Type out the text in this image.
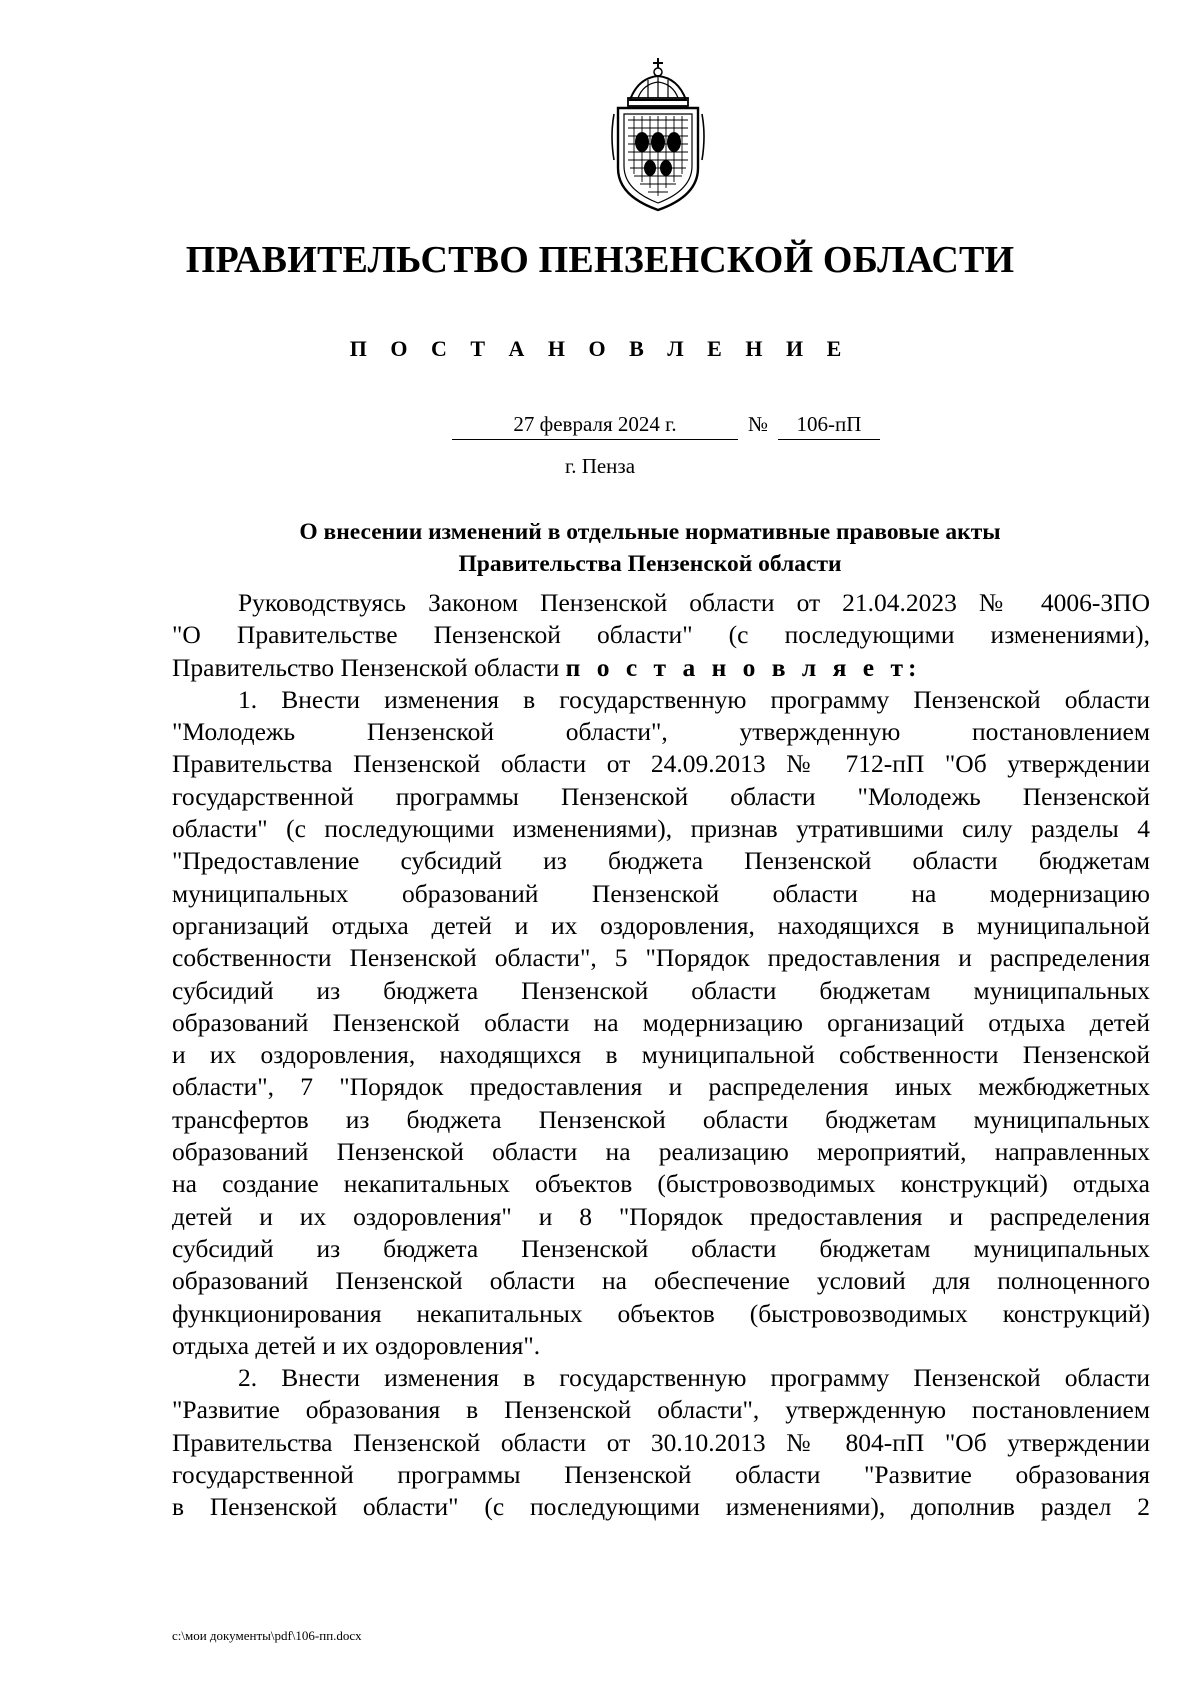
ПРАВИТЕЛЬСТВО ПЕНЗЕНСКОЙ ОБЛАСТИ
П О С Т А Н О В Л Е Н И Е
27 февраля 2024 г.	№	106-пП
г. Пенза
О внесении изменений в отдельные нормативные правовые акты
Правительства Пензенской области
Руководствуясь Законом Пензенской области от 21.04.2023 № 4006-ЗПО
"О Правительстве Пензенской области" (с последующими изменениями),
Правительство Пензенской области п о с т а н о в л я е т:
1. Внести изменения в государственную программу Пензенской области
"Молодежь Пензенской области", утвержденную постановлением
Правительства Пензенской области от 24.09.2013 № 712-пП "Об утверждении
государственной программы Пензенской области "Молодежь Пензенской
области" (с последующими изменениями), признав утратившими силу разделы 4
"Предоставление субсидий из бюджета Пензенской области бюджетам
муниципальных образований Пензенской области на модернизацию
организаций отдыха детей и их оздоровления, находящихся в муниципальной
собственности Пензенской области", 5 "Порядок предоставления и распределения
субсидий из бюджета Пензенской области бюджетам муниципальных
образований Пензенской области на модернизацию организаций отдыха детей
и их оздоровления, находящихся в муниципальной собственности Пензенской
области", 7 "Порядок предоставления и распределения иных межбюджетных
трансфертов из бюджета Пензенской области бюджетам муниципальных
образований Пензенской области на реализацию мероприятий, направленных
на создание некапитальных объектов (быстровозводимых конструкций) отдыха
детей и их оздоровления" и 8 "Порядок предоставления и распределения
субсидий из бюджета Пензенской области бюджетам муниципальных
образований Пензенской области на обеспечение условий для полноценного
функционирования некапитальных объектов (быстровозводимых конструкций)
отдыха детей и их оздоровления".
2. Внести изменения в государственную программу Пензенской области
"Развитие образования в Пензенской области", утвержденную постановлением
Правительства Пензенской области от 30.10.2013 № 804-пП "Об утверждении
государственной программы Пензенской области "Развитие образования
в Пензенской области" (с последующими изменениями), дополнив раздел 2
c:\мои документы\pdf\106-пп.docx
